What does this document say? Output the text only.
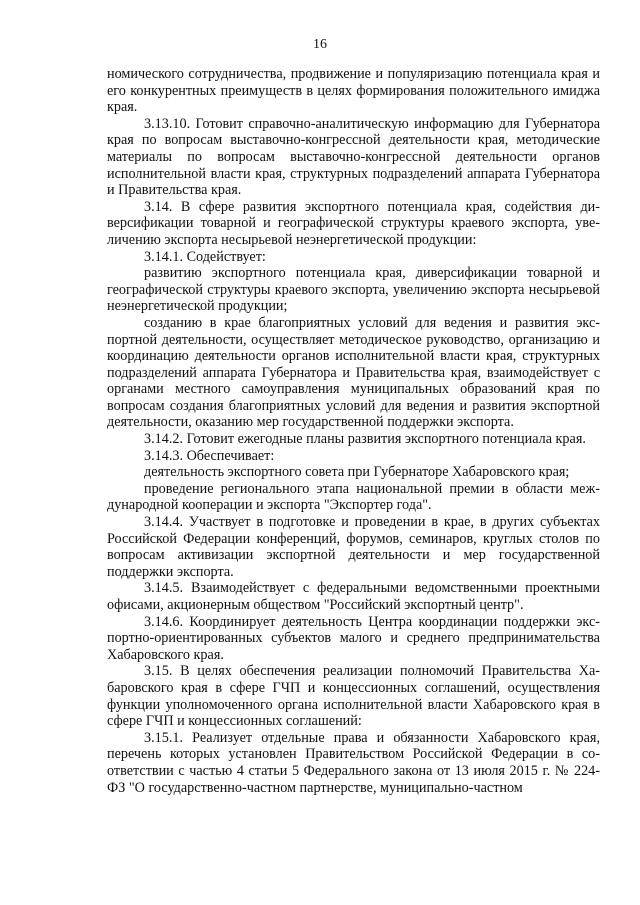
16

номического сотрудничества, продвижение и популяризацию потенциала края и его конкурентных преимуществ в целях формирования положительного имиджа края.

3.13.10. Готовит справочно-аналитическую информацию для Губернатора края по вопросам выставочно-конгрессной деятельности края, методические материалы по вопросам выставочно-конгрессной деятельности органов исполнительной власти края, структурных подразделений аппарата Губернатора и Правительства края.

3.14. В сфере развития экспортного потенциала края, содействия диверсификации товарной и географической структуры краевого экспорта, увеличению экспорта несырьевой неэнергетической продукции:

3.14.1. Содействует:

развитию экспортного потенциала края, диверсификации товарной и географической структуры краевого экспорта, увеличению экспорта несырьевой неэнергетической продукции;

созданию в крае благоприятных условий для ведения и развития экспортной деятельности, осуществляет методическое руководство, организацию и координацию деятельности органов исполнительной власти края, структурных подразделений аппарата Губернатора и Правительства края, взаимодействует с органами местного самоуправления муниципальных образований края по вопросам создания благоприятных условий для ведения и развития экспортной деятельности, оказанию мер государственной поддержки экспорта.

3.14.2. Готовит ежегодные планы развития экспортного потенциала края.

3.14.3. Обеспечивает:

деятельность экспортного совета при Губернаторе Хабаровского края;

проведение регионального этапа национальной премии в области международной кооперации и экспорта "Экспортер года".

3.14.4. Участвует в подготовке и проведении в крае, в других субъектах Российской Федерации конференций, форумов, семинаров, круглых столов по вопросам активизации экспортной деятельности и мер государственной поддержки экспорта.

3.14.5. Взаимодействует с федеральными ведомственными проектными офисами, акционерным обществом "Российский экспортный центр".

3.14.6. Координирует деятельность Центра координации поддержки экспортно-ориентированных субъектов малого и среднего предпринимательства Хабаровского края.

3.15. В целях обеспечения реализации полномочий Правительства Хабаровского края в сфере ГЧП и концессионных соглашений, осуществления функции уполномоченного органа исполнительной власти Хабаровского края в сфере ГЧП и концессионных соглашений:

3.15.1. Реализует отдельные права и обязанности Хабаровского края, перечень которых установлен Правительством Российской Федерации в соответствии с частью 4 статьи 5 Федерального закона от 13 июля 2015 г. № 224-ФЗ "О государственно-частном партнерстве, муниципально-частном
